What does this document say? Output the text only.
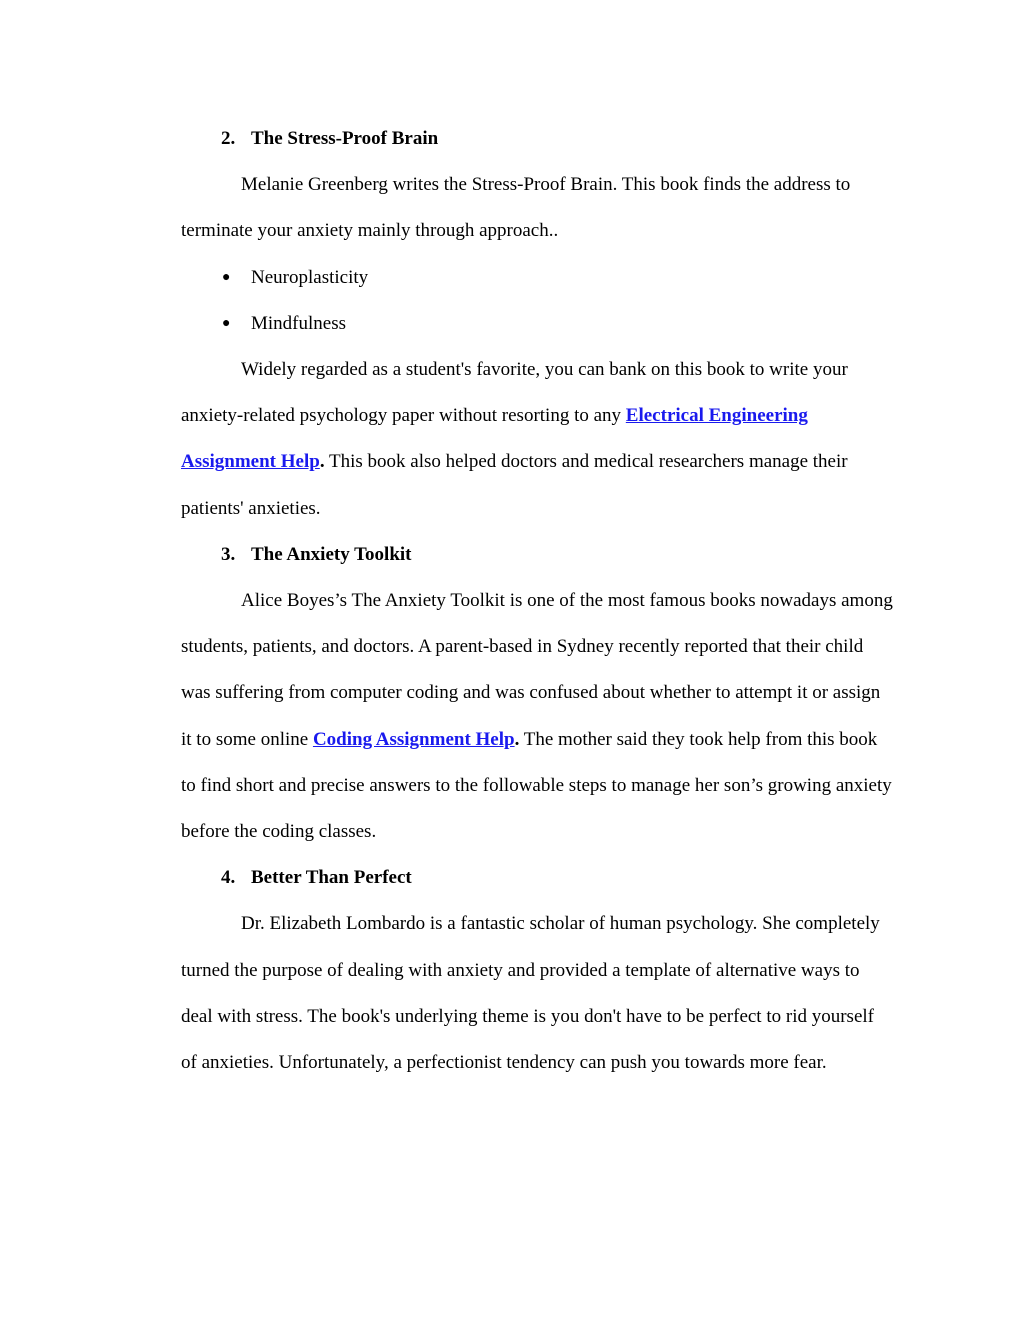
2. The Stress-Proof Brain

Melanie Greenberg writes the Stress-Proof Brain. This book finds the address to terminate your anxiety mainly through approach..

● Neuroplasticity
● Mindfulness

Widely regarded as a student's favorite, you can bank on this book to write your anxiety-related psychology paper without resorting to any Electrical Engineering Assignment Help. This book also helped doctors and medical researchers manage their patients' anxieties.

3. The Anxiety Toolkit

Alice Boyes’s The Anxiety Toolkit is one of the most famous books nowadays among students, patients, and doctors. A parent-based in Sydney recently reported that their child was suffering from computer coding and was confused about whether to attempt it or assign it to some online Coding Assignment Help. The mother said they took help from this book to find short and precise answers to the followable steps to manage her son’s growing anxiety before the coding classes.

4. Better Than Perfect

Dr. Elizabeth Lombardo is a fantastic scholar of human psychology. She completely turned the purpose of dealing with anxiety and provided a template of alternative ways to deal with stress. The book's underlying theme is you don't have to be perfect to rid yourself of anxieties. Unfortunately, a perfectionist tendency can push you towards more fear.
